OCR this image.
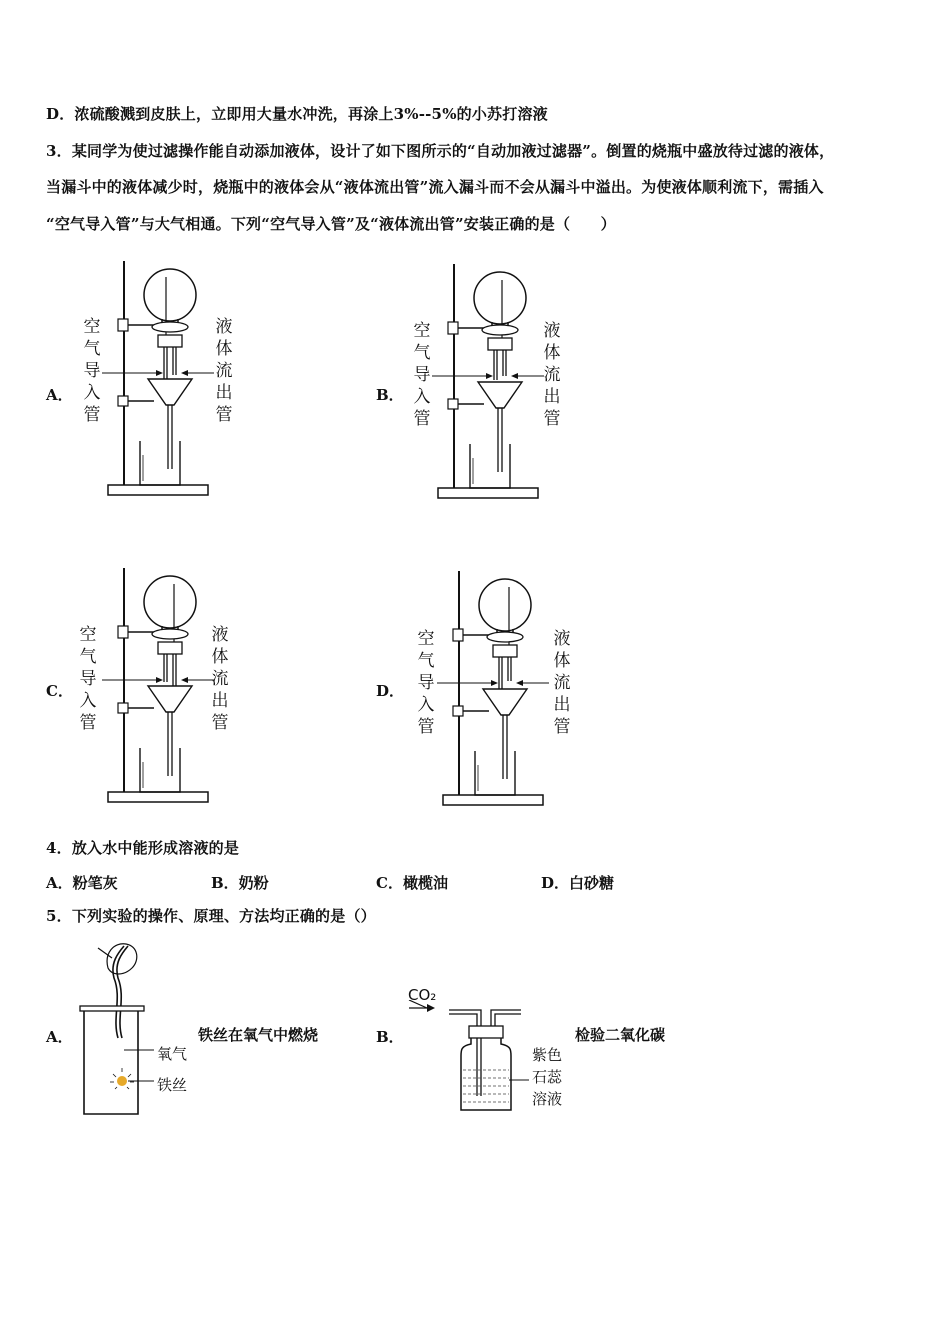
D．浓硫酸溅到皮肤上，立即用大量水冲洗，再涂上3%--5%的小苏打溶液
3．某同学为使过滤操作能自动添加液体，设计了如下图所示的“自动加液过滤器”。倒置的烧瓶中盛放待过滤的液体，
当漏斗中的液体减少时，烧瓶中的液体会从“液体流出管”流入漏斗而不会从漏斗中溢出。为使液体顺利流下，需插入
“空气导入管”与大气相通。下列“空气导入管”及“液体流出管”安装正确的是（　　）
A．	B．
C．	D．
空气导入管
液体流出管
空气导入管
液体流出管
空气导入管
液体流出管
空气导入管
液体流出管
4．放入水中能形成溶液的是
A．粉笔灰	B．奶粉	C．橄榄油	D．白砂糖
5．下列实验的操作、原理、方法均正确的是（）
A．	B．
铁丝在氧气中燃烧	检验二氧化碳
氧气
铁丝
CO₂
紫色
石蕊
溶液
